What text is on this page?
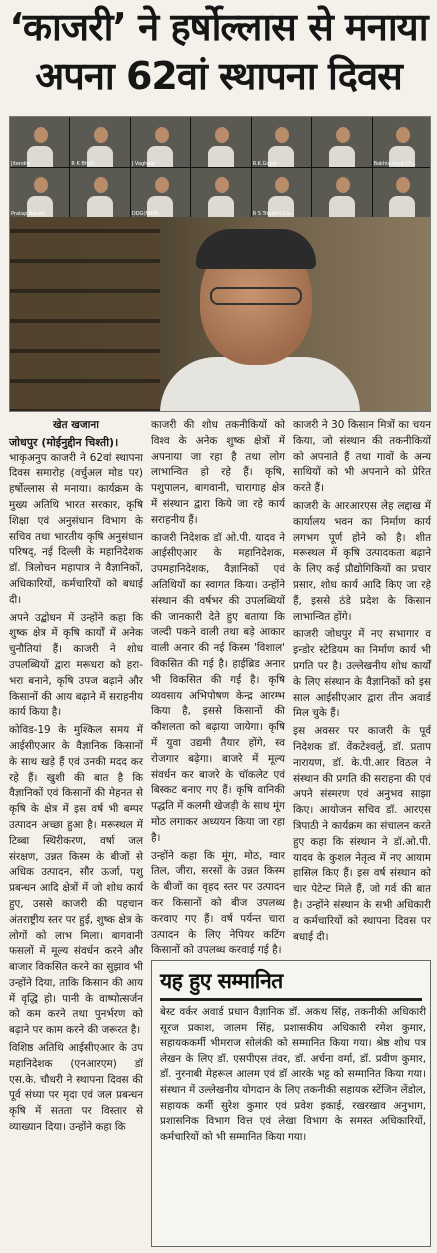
‘काजरी’ ने हर्षोल्लास से मनाया
अपना 62वां स्थापना दिवस
Jitendra	R K Bhatt	J Vaghela	R.K.Goyal	Bakhla Arya Ch...
Pratap Narain	DDG(NRM)	R S Tripathi Ca...
खेत खजाना
जोधपुर (मोईनुद्दीन चिश्ती)।

भाकृअनुप काजरी ने 62वां स्थापना दिवस समारोह (वर्चुअल मोड पर) हर्षोल्लास से मनाया। कार्यक्रम के मुख्य अतिथि भारत सरकार, कृषि शिक्षा एवं अनुसंधान विभाग के सचिव तथा भारतीय कृषि अनुसंधान परिषद्, नई दिल्ली के महानिदेशक डॉ. त्रिलोचन महापात्र ने वैज्ञानिकों, अधिकारियों, कर्मचारियों को बधाई दी।

अपने उद्बोधन में उन्होंने कहा कि शुष्क क्षेत्र में कृषि कार्यों में अनेक चुनौतियां हैं। काजरी ने शोध उपलब्धियों द्वारा मरूधरा को हरा-भरा बनाने, कृषि उपज बढ़ाने और किसानों की आय बढ़ाने में सराहनीय कार्य किया है।

कोविड-19 के मुश्किल समय में आईसीएआर के वैज्ञानिक किसानों के साथ खड़े हैं एवं उनकी मदद कर रहे हैं। खुशी की बात है कि वैज्ञानिकों एवं किसानों की मेहनत से कृषि के क्षेत्र में इस वर्ष भी बम्पर उत्पादन अच्छा हुआ है। मरूस्थल में टिब्बा स्थिरीकरण, वर्षा जल संरक्षण, उन्नत किस्म के बीजों से अधिक उत्पादन, सौर ऊर्जा, पशु प्रबन्धन आदि क्षेत्रों में जो शोध कार्य हुए, उससे काजरी की पहचान अंतराष्ट्रीय स्तर पर हुई, शुष्क क्षेत्र के लोगों को लाभ मिला। बागवानी फसलों में मूल्य संवर्धन करने और बाजार विकसित करने का सुझाव भी उन्होंने दिया, ताकि किसान की आय में वृद्धि हो। पानी के वाष्पोत्सर्जन को कम करने तथा पुनर्भरण को बढ़ाने पर काम करने की जरूरत है।

विशिष्ठ अतिथि आईसीएआर के उप महानिदेशक (एनआरएम) डॉ एस.के. चौधरी ने स्थापना दिवस की पूर्व संध्या पर मृदा एवं जल प्रबन्धन कृषि में सतता पर विस्तार से व्याख्यान दिया। उन्होंने कहा कि

काजरी की शोध तकनीकियों को विश्व के अनेक शुष्क क्षेत्रों में अपनाया जा रहा है तथा लोग लाभान्वित हो रहे हैं। कृषि, पशुपालन, बागवानी, चारागाह क्षेत्र में संस्थान द्वारा किये जा रहे कार्य सराहनीय हैं।

काजरी निदेशक डॉ ओ.पी. यादव ने आईसीएआर के महानिदेशक, उपमहानिदेशक, वैज्ञानिकों एवं अतिथियों का स्वागत किया। उन्होंने संस्थान की वर्षभर की उपलब्धियों की जानकारी देते हुए बताया कि जल्दी पकने वाली तथा बड़े आकार वाली अनार की नई किस्म 'विशाल' विकसित की गई है। हाईब्रिड अनार भी विकसित की गई है। कृषि व्यवसाय अभिपोषण केन्द्र आरम्भ किया है, इससे किसानों की कौशलता को बढ़ाया जायेगा। कृषि में युवा उद्यमी तैयार होंगे, स्व रोजगार बढ़ेगा। बाजरे में मूल्य संवर्धन कर बाजरे के चॉकलेट एवं बिस्कट बनाए गए हैं। कृषि वानिकी पद्धति में कलमी खेजड़ी के साथ मूंग मोठ लगाकर अध्ययन किया जा रहा है।

उन्होंने कहा कि मूंग, मोठ, ग्वार तिल, जीरा, सरसों के उन्नत किस्म के बीजों का वृहद स्तर पर उत्पादन कर किसानों को बीज उपलब्ध करवाए गए हैं। वर्ष पर्यन्त चारा उत्पादन के लिए नेपियर कटिंग किसानों को उपलब्ध करवाई गई है।

काजरी ने 30 किसान मित्रों का चयन किया, जो संस्थान की तकनीकियों को अपनाते हैं तथा गावों के अन्य साथियों को भी अपनाने को प्रेरित करते हैं।

काजरी के आरआरएस लेह लद्दाख में कार्यालय भवन का निर्माण कार्य लगभग पूर्ण होने को है। शीत मरूस्थल में कृषि उत्पादकता बढ़ाने के लिए कई प्रौद्योगिकियों का प्रचार प्रसार, शोध कार्य आदि किए जा रहे हैं, इससे ठंडे प्रदेश के किसान लाभान्वित होंगे।

काजरी जोधपुर में नए सभागार व इन्डोर स्टेडियम का निर्माण कार्य भी प्रगति पर है। उल्लेखनीय शोध कार्यों के लिए संस्थान के वैज्ञानिकों को इस साल आईसीएआर द्वारा तीन अवार्ड मिल चुके हैं।

इस अवसर पर काजरी के पूर्व निदेशक डॉ. वेंकटेश्वर्लु, डॉ. प्रताप नारायण, डॉ. के.पी.आर विठल ने संस्थान की प्रगति की सराहना की एवं अपने संस्मरण एवं अनुभव साझा किए। आयोजन सचिव डॉ. आरएस त्रिपाठी ने कार्यक्रम का संचालन करते हुए कहा कि संस्थान ने डॉ.ओ.पी. यादव के कुशल नेतृत्व में नए आयाम हासिल किए हैं। इस वर्ष संस्थान को चार पेटेन्ट मिले हैं, जो गर्व की बात है। उन्होंने संस्थान के सभी अधिकारी व कर्मचारियों को स्थापना दिवस पर बधाई दी।

यह हुए सम्मानित
बेस्ट वर्कर अवार्ड प्रधान वैज्ञानिक डॉ. अकथ सिंह, तकनीकी अधिकारी सूरज प्रकाश, जालम सिंह, प्रशासकीय अधिकारी रमेश कुमार, सहायककर्मी भीमराज सोलंकी को सम्मानित किया गया। श्रेष्ठ शोध पत्र लेखन के लिए डॉ. एसपीएस तंवर, डॉ. अर्चना वर्मा, डॉ. प्रवीण कुमार, डॉ. नुरनाबी मेहरूल आलम एवं डॉ आरके भट्ट को सम्मानित किया गया। संस्थान में उल्लेखनीय योगदान के लिए तकनीकी सहायक स्टेंजिन लेंडोल, सहायक कर्मी सुरेश कुमार एवं प्रवेश इकाई, रखरखाव अनुभाग, प्रशासनिक विभाग वित्त एवं लेखा विभाग के समस्त अधिकारियों, कर्मचारियों को भी सम्मानित किया गया।
